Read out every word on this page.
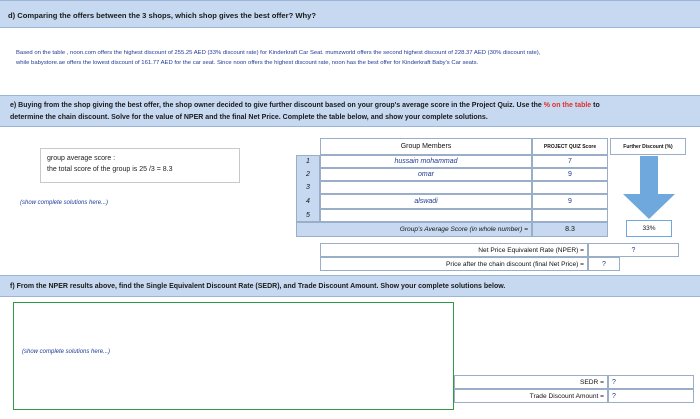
d) Comparing the offers between the 3 shops, which shop gives the best offer? Why?
Based on the table , noon.com offers the highest discount of 255.25 AED (33% discount rate) for Kinderkraft Car Seat. mumzworld offers the second highest discount of 228.37 AED (30% discount rate),
while babystore.ae offers the lowest discount of 161.77 AED for the car seat. Since noon offers the highest discount rate, noon has the best offer for Kinderkraft Baby's Car seats.
e) Buying from the shop giving the best offer, the shop owner decided to give further discount based on your group's average score in the Project Quiz. Use the % on the table to
determine the chain discount. Solve for the value of NPER and the final Net Price. Complete the table below, and show your complete solutions.
group average score :
the total score of the group is 25 /3 = 8.3
(show complete solutions here...)
Group Members	PROJECT QUIZ Score	Further Discount (%)
1	hussain mohammad	7
2	omar	9
3
4	alswadi	9
5
Group's Average Score (in whole number) =	8.3	33%
Net Price Equivalent Rate (NPER) =	?
Price after the chain discount (final Net Price) =	?
f) From the NPER results above, find the Single Equivalent Discount Rate (SEDR), and Trade Discount Amount. Show your complete solutions below.
(show complete solutions here...)
SEDR =	?
Trade Discount Amount =	?
